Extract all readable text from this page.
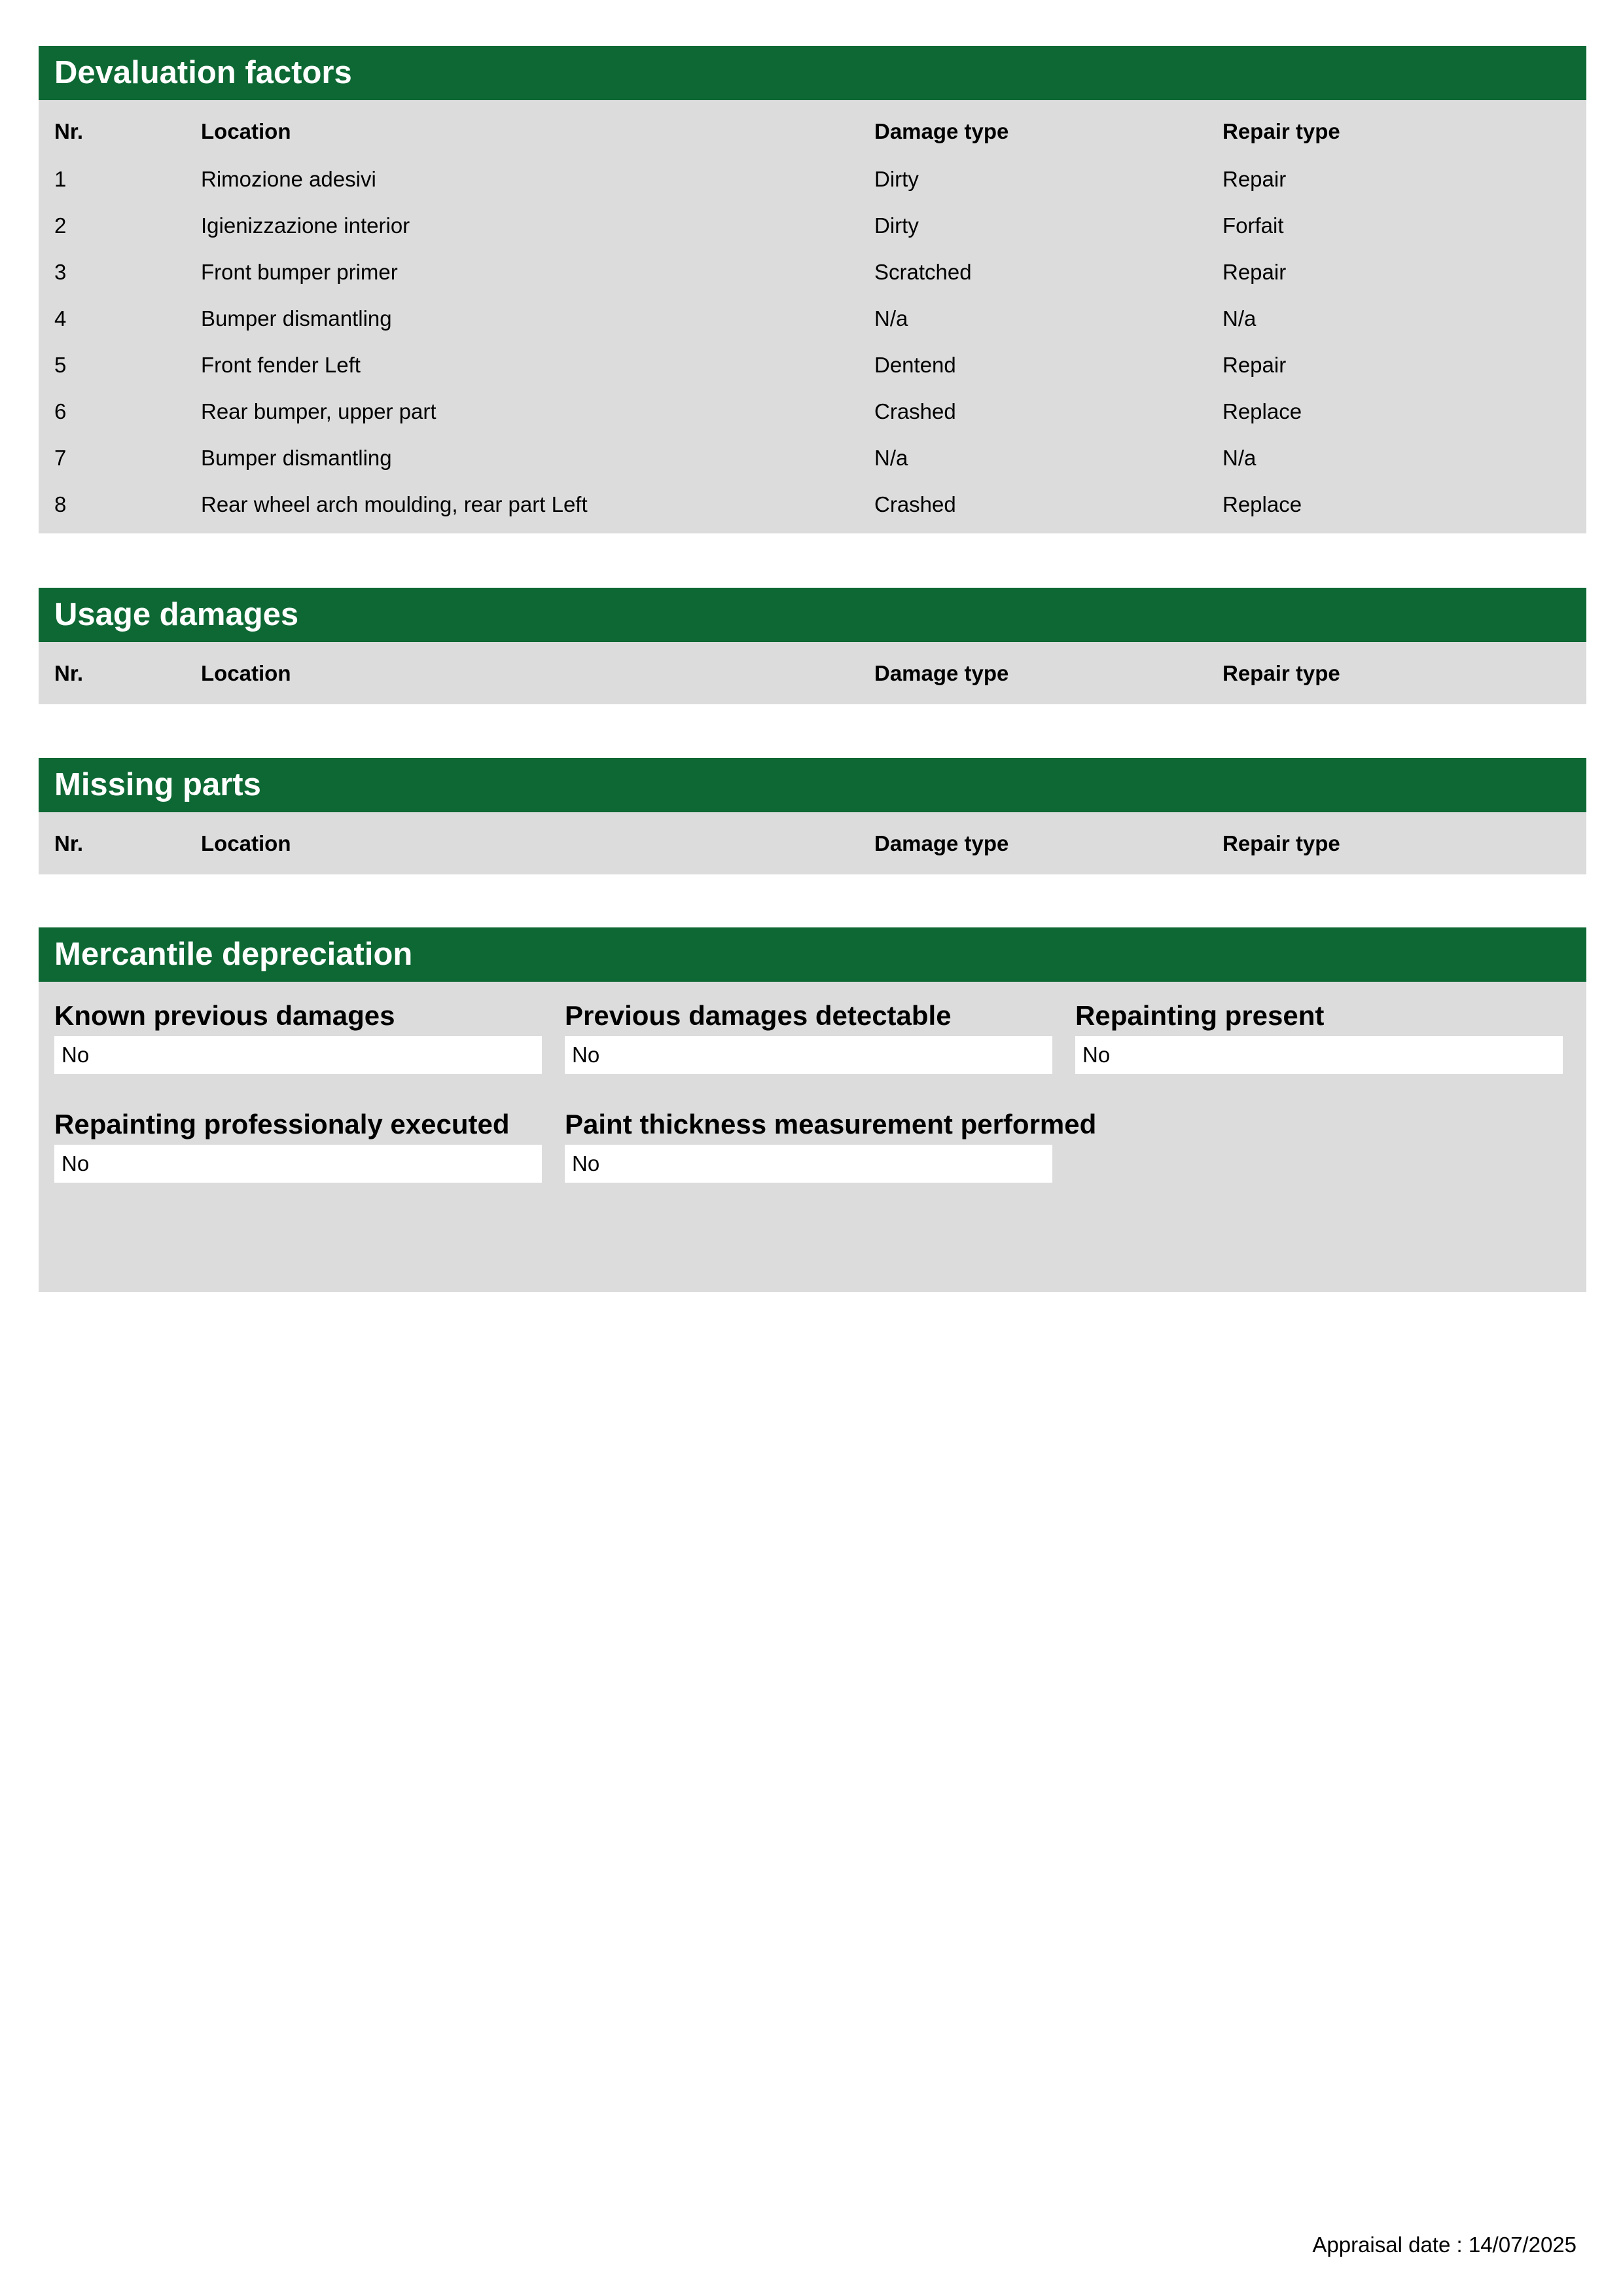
Devaluation factors
Nr.	Location	Damage type	Repair type
1	Rimozione adesivi	Dirty	Repair
2	Igienizzazione interior	Dirty	Forfait
3	Front bumper primer	Scratched	Repair
4	Bumper dismantling	N/a	N/a
5	Front fender Left	Dentend	Repair
6	Rear bumper, upper part	Crashed	Replace
7	Bumper dismantling	N/a	N/a
8	Rear wheel arch moulding, rear part Left	Crashed	Replace
Usage damages
Nr.	Location	Damage type	Repair type
Missing parts
Nr.	Location	Damage type	Repair type
Mercantile depreciation
Known previous damages
No
Previous damages detectable
No
Repainting present
No
Repainting professionaly executed
No
Paint thickness measurement performed
No
Appraisal date : 14/07/2025
